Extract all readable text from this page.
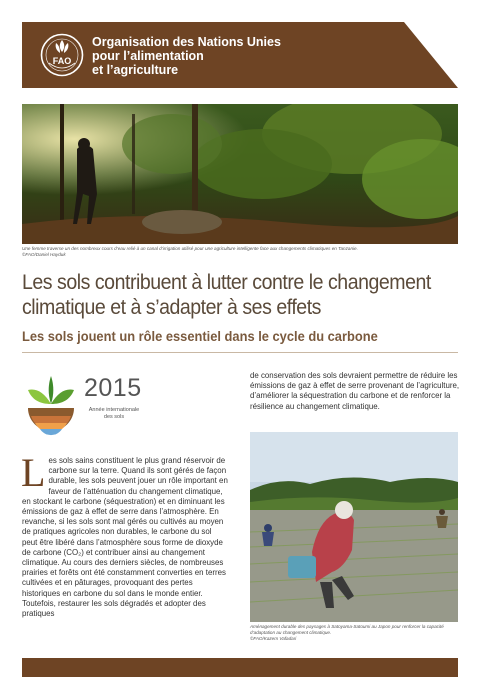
FAO
Organisation des Nations Unies
pour l’alimentation
et l’agriculture
Une femme traverse un des nombreux cours d’eau relié à un canal d’irrigation utilisé pour une agriculture intelligente face aux changements climatiques en Tanzanie.
©FAO/Daniel Hayduk
Les sols contribuent à lutter contre le changement climatique et à s’adapter à ses effets
Les sols jouent un rôle essentiel dans le cycle du carbone
2015
Année internationale
des sols
L es sols sains constituent le plus grand réservoir de carbone sur la terre. Quand ils sont gérés de façon durable, les sols peuvent jouer un rôle important en faveur de l’atténuation du changement climatique, en stockant le carbone (séquestration) et en diminuant les émissions de gaz à effet de serre dans l’atmosphère. En revanche, si les sols sont mal gérés ou cultivés au moyen de pratiques agricoles non durables, le carbone du sol peut être libéré dans l’atmosphère sous forme de dioxyde de carbone (CO₂) et contribuer ainsi au changement climatique. Au cours des derniers siècles, de nombreuses prairies et forêts ont été constamment converties en terres cultivées et en pâturages, provoquant des pertes historiques en carbone du sol dans le monde entier. Toutefois, restaurer les sols dégradés et adopter des pratiques

de conservation des sols devraient permettre de réduire les émissions de gaz à effet de serre provenant de l’agriculture, d’améliorer la séquestration du carbone et de renforcer la résilience au changement climatique.

Aménagement durable des paysages à Satoyama-Satoumi au Japon pour renforcer la capacité d’adaptation au changement climatique.
©FAO/Kazem Vafadari
